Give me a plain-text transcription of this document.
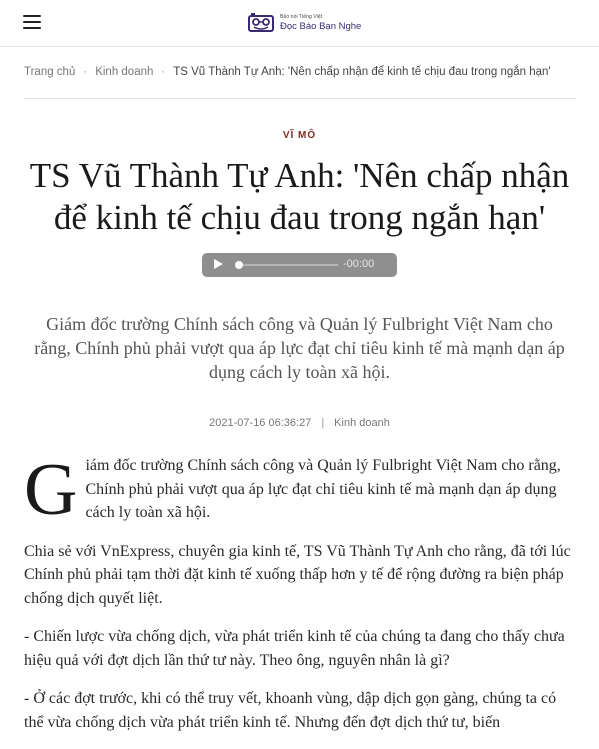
Báo nói Tiếng Việt
Đọc Báo Bạn Nghe
Trang chủ · Kinh doanh · TS Vũ Thành Tự Anh: 'Nên chấp nhận để kinh tế chịu đau trong ngắn hạn'
VĨ MÔ
TS Vũ Thành Tự Anh: 'Nên chấp nhận để kinh tế chịu đau trong ngắn hạn'
-00:00

Giám đốc trường Chính sách công và Quản lý Fulbright Việt Nam cho rằng, Chính phủ phải vượt qua áp lực đạt chỉ tiêu kinh tế mà mạnh dạn áp dụng cách ly toàn xã hội.

2021-07-16 06:36:27 | Kinh doanh

Giám đốc trường Chính sách công và Quản lý Fulbright Việt Nam cho rằng, Chính phủ phải vượt qua áp lực đạt chỉ tiêu kinh tế mà mạnh dạn áp dụng cách ly toàn xã hội.

Chia sẻ với VnExpress, chuyên gia kinh tế, TS Vũ Thành Tự Anh cho rằng, đã tới lúc Chính phủ phải tạm thời đặt kinh tế xuống thấp hơn y tế để rộng đường ra biện pháp chống dịch quyết liệt.

- Chiến lược vừa chống dịch, vừa phát triển kinh tế của chúng ta đang cho thấy chưa hiệu quả với đợt dịch lần thứ tư này. Theo ông, nguyên nhân là gì?

- Ở các đợt trước, khi có thể truy vết, khoanh vùng, dập dịch gọn gàng, chúng ta có thể vừa chống dịch vừa phát triển kinh tế. Nhưng đến đợt dịch thứ tư, biến
